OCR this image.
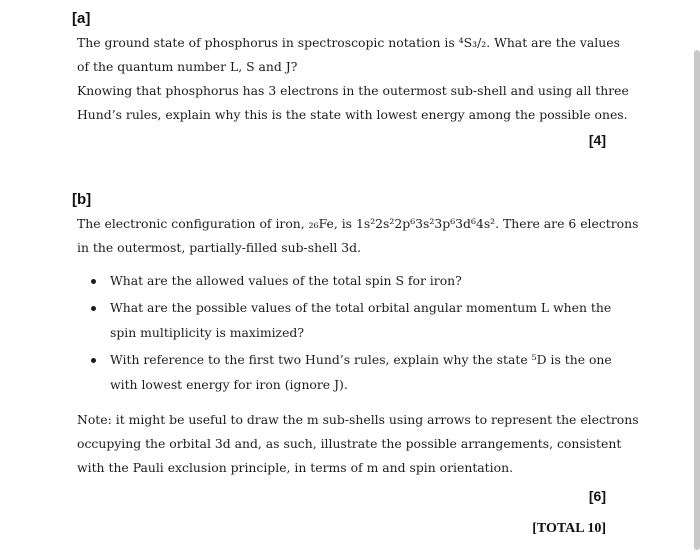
[a]
The ground state of phosphorus in spectroscopic notation is ⁴S₃/₂. What are the values
of the quantum number L, S and J?
Knowing that phosphorus has 3 electrons in the outermost sub-shell and using all three
Hund’s rules, explain why this is the state with lowest energy among the possible ones.
[4]
[b]
The electronic configuration of iron, ₂₆Fe, is 1s²2s²2p⁶3s²3p⁶3d⁶4s². There are 6 electrons
in the outermost, partially-filled sub-shell 3d.
What are the allowed values of the total spin S for iron?
What are the possible values of the total orbital angular momentum L when the
spin multiplicity is maximized?
With reference to the first two Hund’s rules, explain why the state ⁵D is the one
with lowest energy for iron (ignore J).
Note: it might be useful to draw the m sub-shells using arrows to represent the electrons
occupying the orbital 3d and, as such, illustrate the possible arrangements, consistent
with the Pauli exclusion principle, in terms of m and spin orientation.
[6]
[TOTAL 10]
